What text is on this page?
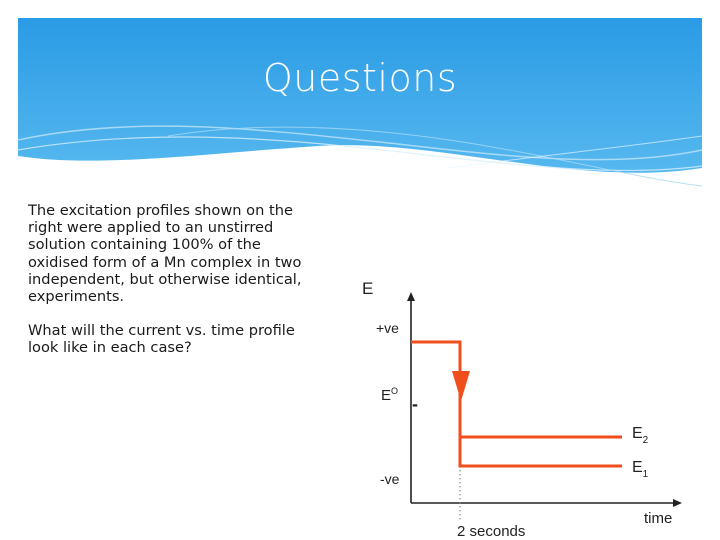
Questions

The excitation profiles shown on the right were applied to an unstirred solution containing 100% of the oxidised form of a Mn complex in two independent, but otherwise identical, experiments.

What will the current vs. time profile look like in each case?

E
+ve
$E^O$
-
-ve
$E_2$
$E_1$
time
2 seconds
